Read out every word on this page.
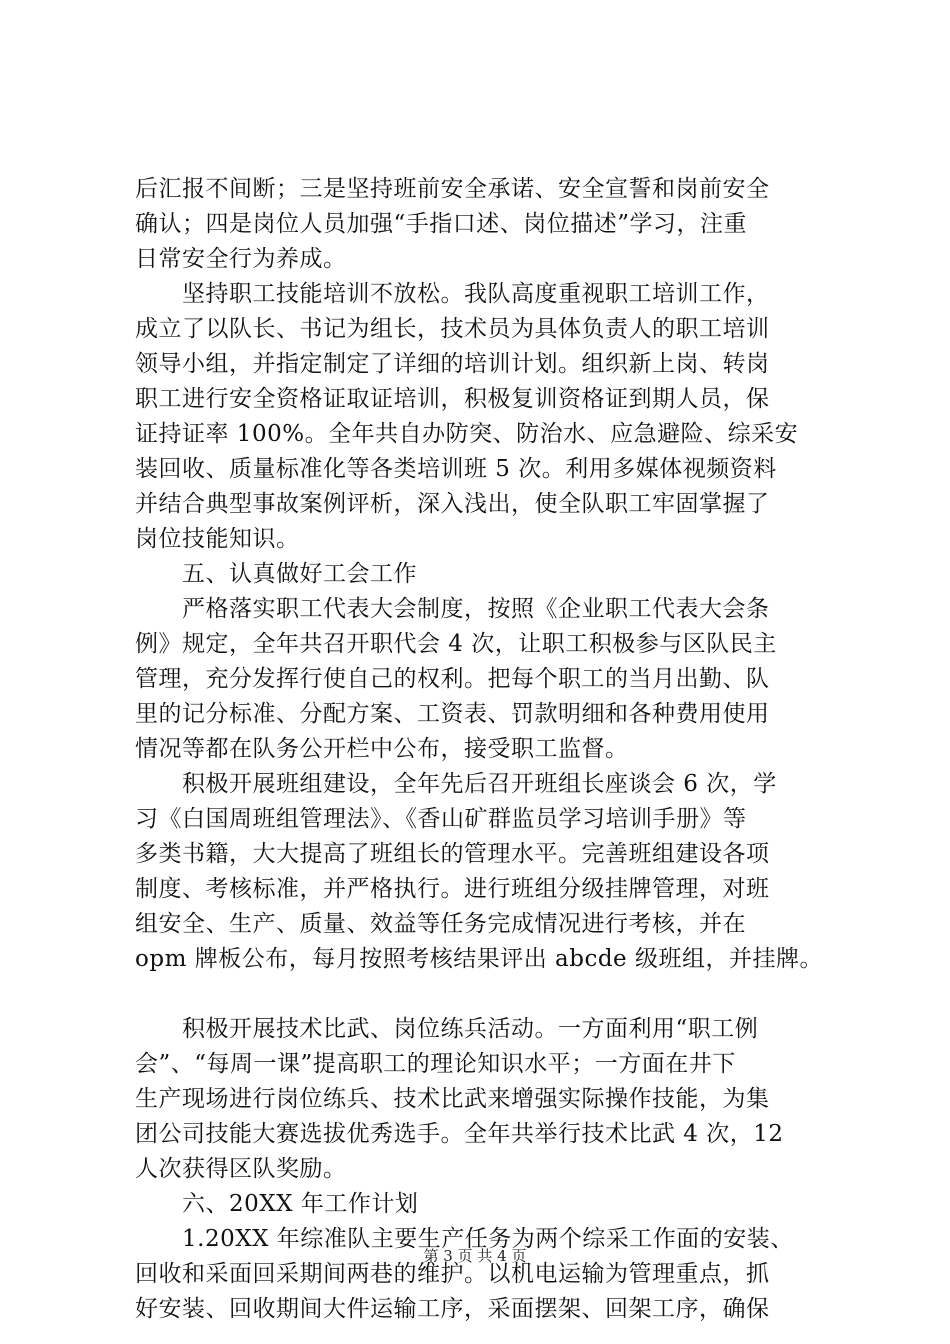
后汇报不间断；三是坚持班前安全承诺、安全宣誓和岗前安全
确认；四是岗位人员加强“手指口述、岗位描述”学习，注重
日常安全行为养成。
　　坚持职工技能培训不放松。我队高度重视职工培训工作，
成立了以队长、书记为组长，技术员为具体负责人的职工培训
领导小组，并指定制定了详细的培训计划。组织新上岗、转岗
职工进行安全资格证取证培训，积极复训资格证到期人员，保
证持证率 100%。全年共自办防突、防治水、应急避险、综采安
装回收、质量标准化等各类培训班 5 次。利用多媒体视频资料
并结合典型事故案例评析，深入浅出，使全队职工牢固掌握了
岗位技能知识。
　　五、认真做好工会工作
　　严格落实职工代表大会制度，按照《企业职工代表大会条
例》规定，全年共召开职代会 4 次，让职工积极参与区队民主
管理，充分发挥行使自己的权利。把每个职工的当月出勤、队
里的记分标准、分配方案、工资表、罚款明细和各种费用使用
情况等都在队务公开栏中公布，接受职工监督。
　　积极开展班组建设，全年先后召开班组长座谈会 6 次，学
习《白国周班组管理法》、《香山矿群监员学习培训手册》等
多类书籍，大大提高了班组长的管理水平。完善班组建设各项
制度、考核标准，并严格执行。进行班组分级挂牌管理，对班
组安全、生产、质量、效益等任务完成情况进行考核，并在
opm 牌板公布，每月按照考核结果评出 abcde 级班组，并挂牌。
　　积极开展技术比武、岗位练兵活动。一方面利用“职工例
会”、“每周一课”提高职工的理论知识水平；一方面在井下
生产现场进行岗位练兵、技术比武来增强实际操作技能，为集
团公司技能大赛选拔优秀选手。全年共举行技术比武 4 次，12
人次获得区队奖励。
　　六、20XX 年工作计划
　　1.20XX 年综准队主要生产任务为两个综采工作面的安装、
回收和采面回采期间两巷的维护。以机电运输为管理重点，抓
好安装、回收期间大件运输工序，采面摆架、回架工序，确保
第 3 页 共 4 页
